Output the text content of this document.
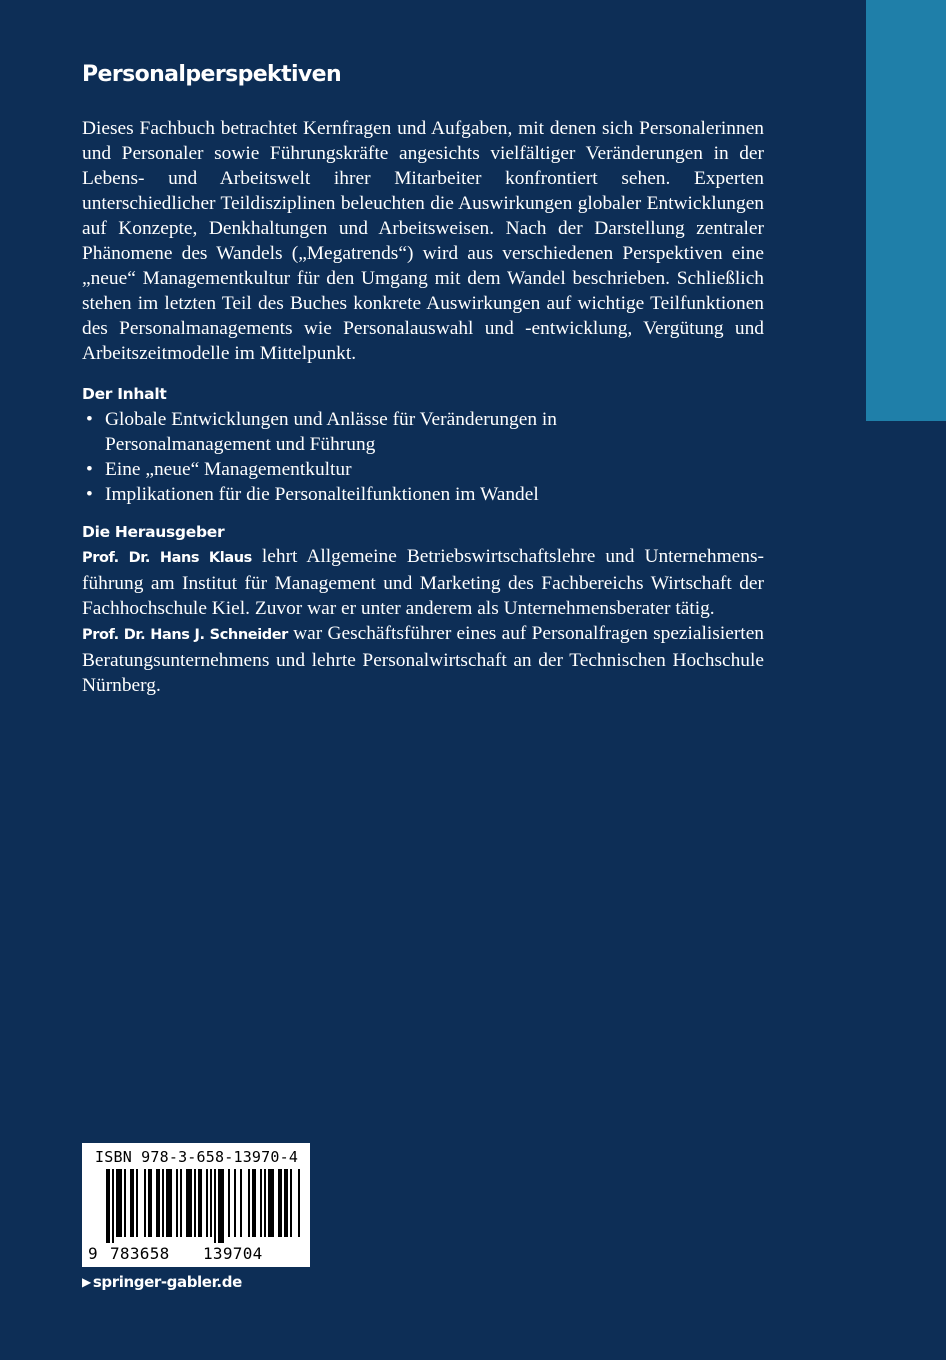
Personalperspektiven

Dieses Fachbuch betrachtet Kernfragen und Aufgaben, mit denen sich Personalerinnen und Personaler sowie Führungskräfte angesichts vielfältiger Veränderungen in der Lebens- und Arbeitswelt ihrer Mitarbeiter konfrontiert sehen. Experten unterschiedlicher Teildisziplinen beleuchten die Auswirkungen globaler Entwicklungen auf Konzepte, Denkhaltungen und Arbeitsweisen. Nach der Darstellung zentraler Phänomene des Wandels („Megatrends“) wird aus verschiedenen Perspektiven eine „neue“ Managementkultur für den Umgang mit dem Wandel beschrieben. Schließlich stehen im letzten Teil des Buches konkrete Auswirkungen auf wichtige Teilfunktionen des Personalmanagements wie Personalauswahl und -entwicklung, Vergütung und Arbeitszeitmodelle im Mittelpunkt.

Der Inhalt
• Globale Entwicklungen und Anlässe für Veränderungen in Personalmanagement und Führung
• Eine „neue“ Managementkultur
• Implikationen für die Personalteilfunktionen im Wandel
Die Herausgeber

Prof. Dr. Hans Klaus lehrt Allgemeine Betriebswirtschaftslehre und Unternehmensführung am Institut für Management und Marketing des Fachbereichs Wirtschaft der Fachhochschule Kiel. Zuvor war er unter anderem als Unternehmensberater tätig.

Prof. Dr. Hans J. Schneider war Geschäftsführer eines auf Personalfragen spezialisierten Beratungsunternehmens und lehrte Personalwirtschaft an der Technischen Hochschule Nürnberg.

ISBN 978-3-658-13970-4
9 783658 139704
▶ springer-gabler.de
